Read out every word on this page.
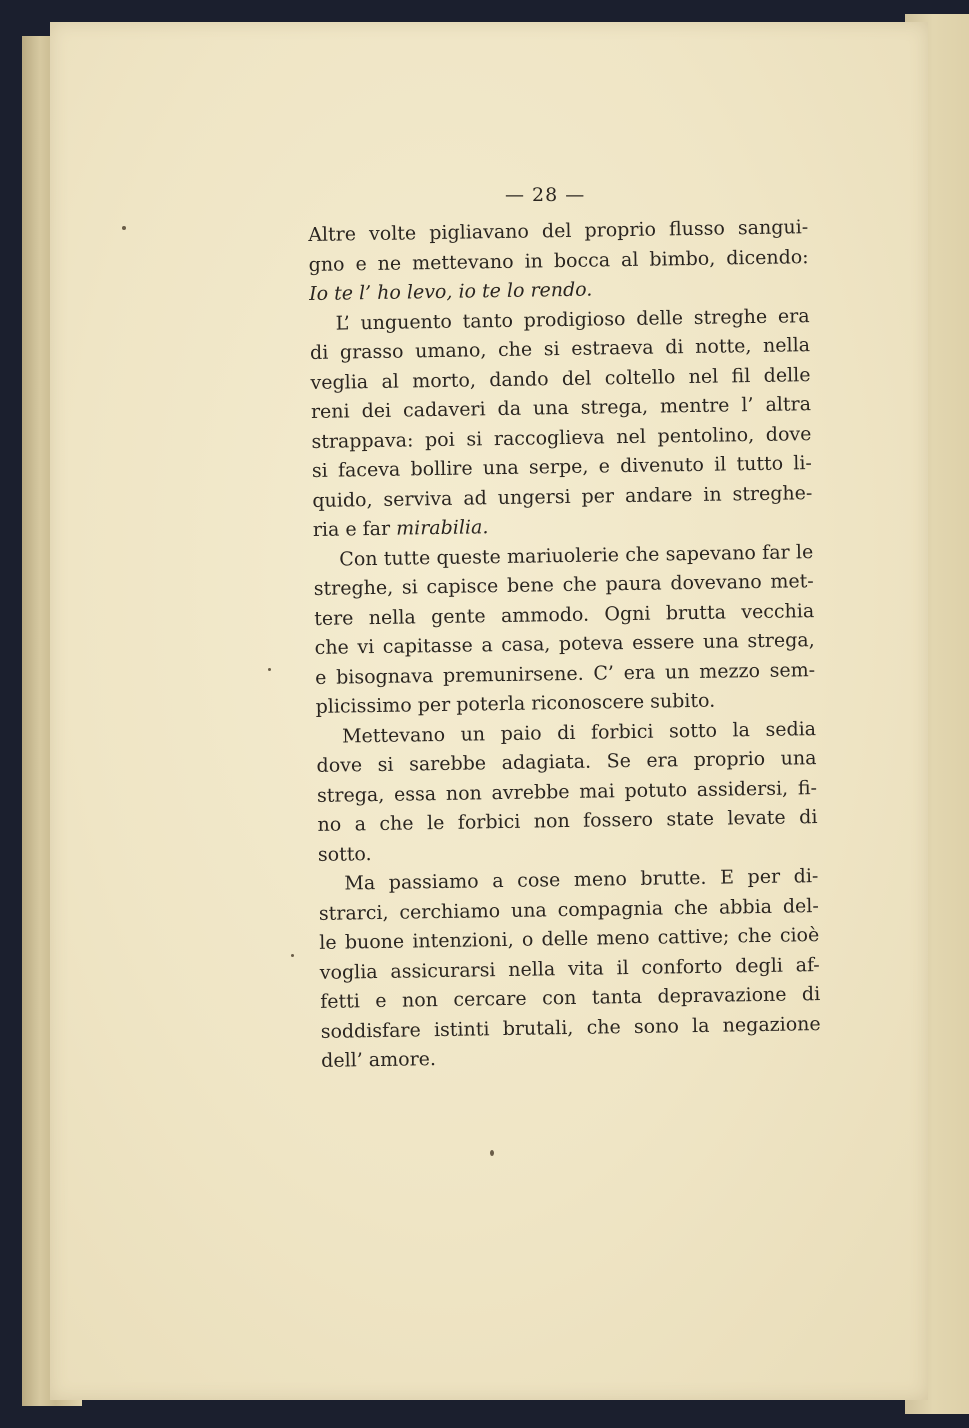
— 28 —
Altre volte pigliavano del proprio flusso sangui-
gno e ne mettevano in bocca al bimbo, dicendo:
Io te l’ ho levo, io te lo rendo.
L’ unguento tanto prodigioso delle streghe era
di grasso umano, che si estraeva di notte, nella
veglia al morto, dando del coltello nel fil delle
reni dei cadaveri da una strega, mentre l’ altra
strappava: poi si raccoglieva nel pentolino, dove
si faceva bollire una serpe, e divenuto il tutto li-
quido, serviva ad ungersi per andare in streghe-
ria e far mirabilia.
Con tutte queste mariuolerie che sapevano far le
streghe, si capisce bene che paura dovevano met-
tere nella gente ammodo. Ogni brutta vecchia
che vi capitasse a casa, poteva essere una strega,
e bisognava premunirsene. C’ era un mezzo sem-
plicissimo per poterla riconoscere subito.
Mettevano un paio di forbici sotto la sedia
dove si sarebbe adagiata. Se era proprio una
strega, essa non avrebbe mai potuto assidersi, fi-
no a che le forbici non fossero state levate di
sotto.
Ma passiamo a cose meno brutte. E per di-
strarci, cerchiamo una compagnia che abbia del-
le buone intenzioni, o delle meno cattive; che cioè
voglia assicurarsi nella vita il conforto degli af-
fetti e non cercare con tanta depravazione di
soddisfare istinti brutali, che sono la negazione
dell’ amore.
